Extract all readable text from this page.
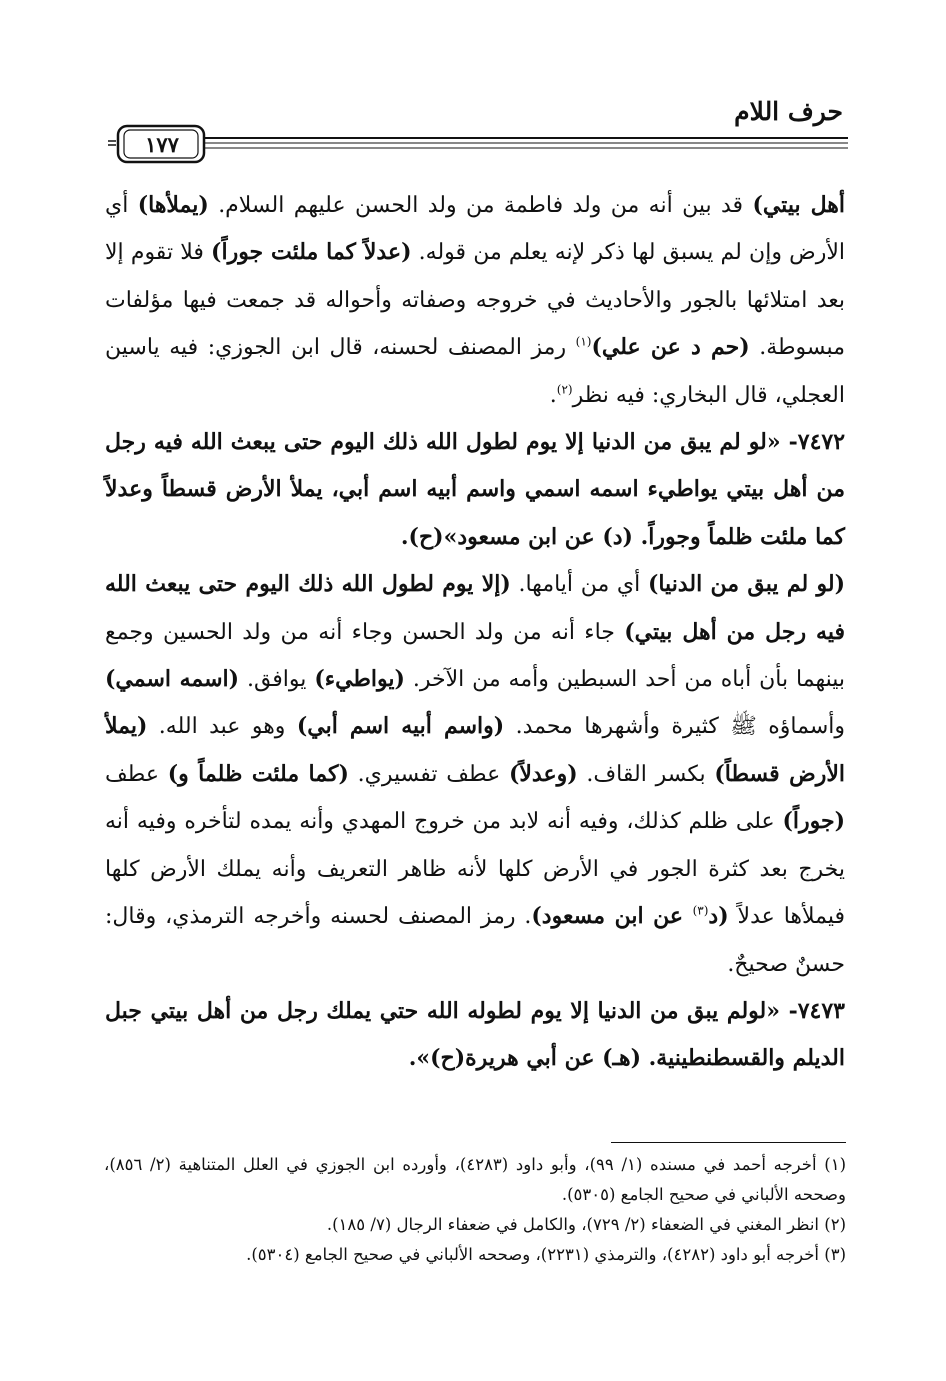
حرف اللام
١٧٧

أهل بيتي) قد بين أنه من ولد فاطمة من ولد الحسن عليهم السلام. (يملأها) أي الأرض وإن لم يسبق لها ذكر لإنه يعلم من قوله. (عدلاً كما ملئت جوراً) فلا تقوم إلا بعد امتلائها بالجور والأحاديث في خروجه وصفاته وأحواله قد جمعت فيها مؤلفات مبسوطة. (حم د عن علي)$^{(١)}$ رمز المصنف لحسنه، قال ابن الجوزي: فيه ياسين العجلي، قال البخاري: فيه نظر$^{(٢)}$.

٧٤٧٢- «لو لم يبق من الدنيا إلا يوم لطول الله ذلك اليوم حتى يبعث الله فيه رجل من أهل بيتي يواطيء اسمه اسمي واسم أبيه اسم أبي، يملأ الأرض قسطاً وعدلاً كما ملئت ظلماً وجوراً. (د) عن ابن مسعود»(ح).

(لو لم يبق من الدنيا) أي من أيامها. (إلا يوم لطول الله ذلك اليوم حتى يبعث الله فيه رجل من أهل بيتي) جاء أنه من ولد الحسن وجاء أنه من ولد الحسين وجمع بينهما بأن أباه من أحد السبطين وأمه من الآخر. (يواطيء) يوافق. (اسمه اسمي) وأسماؤه ﷺ كثيرة وأشهرها محمد. (واسم أبيه اسم أبي) وهو عبد الله. (يملأ الأرض قسطاً) بكسر القاف. (وعدلاً) عطف تفسيري. (كما ملئت ظلماً و) عطف (جوراً) على ظلم كذلك، وفيه أنه لابد من خروج المهدي وأنه يمده لتأخره وفيه أنه يخرج بعد كثرة الجور في الأرض كلها لأنه ظاهر التعريف وأنه يملك الأرض كلها فيملأها عدلاً (د$^{(٣)}$ عن ابن مسعود). رمز المصنف لحسنه وأخرجه الترمذي، وقال: حسنٌ صحيحٌ.

٧٤٧٣- «لولم يبق من الدنيا إلا يوم لطوله الله حتي يملك رجل من أهل بيتي جبل الديلم والقسطنطينية. (هـ) عن أبي هريرة(ح)».

(١) أخرجه أحمد في مسنده (١/ ٩٩)، وأبو داود (٤٢٨٣)، وأورده ابن الجوزي في العلل المتناهية (٢/ ٨٥٦)، وصححه الألباني في صحيح الجامع (٥٣٠٥).

(٢) انظر المغني في الضعفاء (٢/ ٧٢٩)، والكامل في ضعفاء الرجال (٧/ ١٨٥).

(٣) أخرجه أبو داود (٤٢٨٢)، والترمذي (٢٢٣١)، وصححه الألباني في صحيح الجامع (٥٣٠٤).
